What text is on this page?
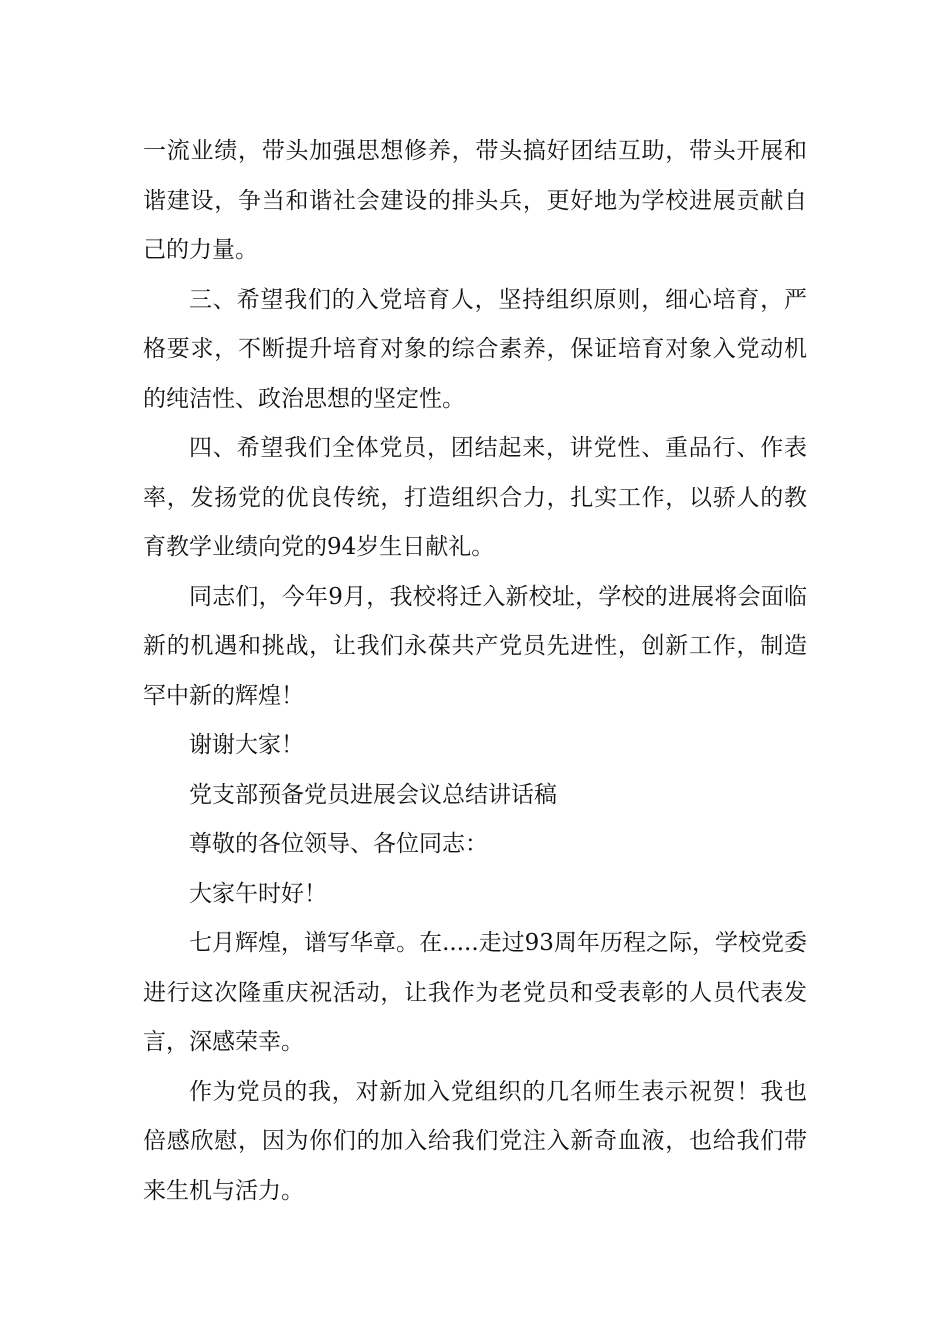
一流业绩，带头加强思想修养，带头搞好团结互助，带头开展和谐建设，争当和谐社会建设的排头兵，更好地为学校进展贡献自己的力量。

三、希望我们的入党培育人，坚持组织原则，细心培育，严格要求，不断提升培育对象的综合素养，保证培育对象入党动机的纯洁性、政治思想的坚定性。

四、希望我们全体党员，团结起来，讲党性、重品行、作表率，发扬党的优良传统，打造组织合力，扎实工作，以骄人的教育教学业绩向党的94岁生日献礼。

同志们，今年9月，我校将迁入新校址，学校的进展将会面临新的机遇和挑战，让我们永葆共产党员先进性，创新工作，制造罕中新的辉煌！

谢谢大家！

党支部预备党员进展会议总结讲话稿

尊敬的各位领导、各位同志：

大家午时好！

七月辉煌，谱写华章。在.....走过93周年历程之际，学校党委进行这次隆重庆祝活动，让我作为老党员和受表彰的人员代表发言，深感荣幸。

作为党员的我，对新加入党组织的几名师生表示祝贺！我也倍感欣慰，因为你们的加入给我们党注入新奇血液，也给我们带来生机与活力。
